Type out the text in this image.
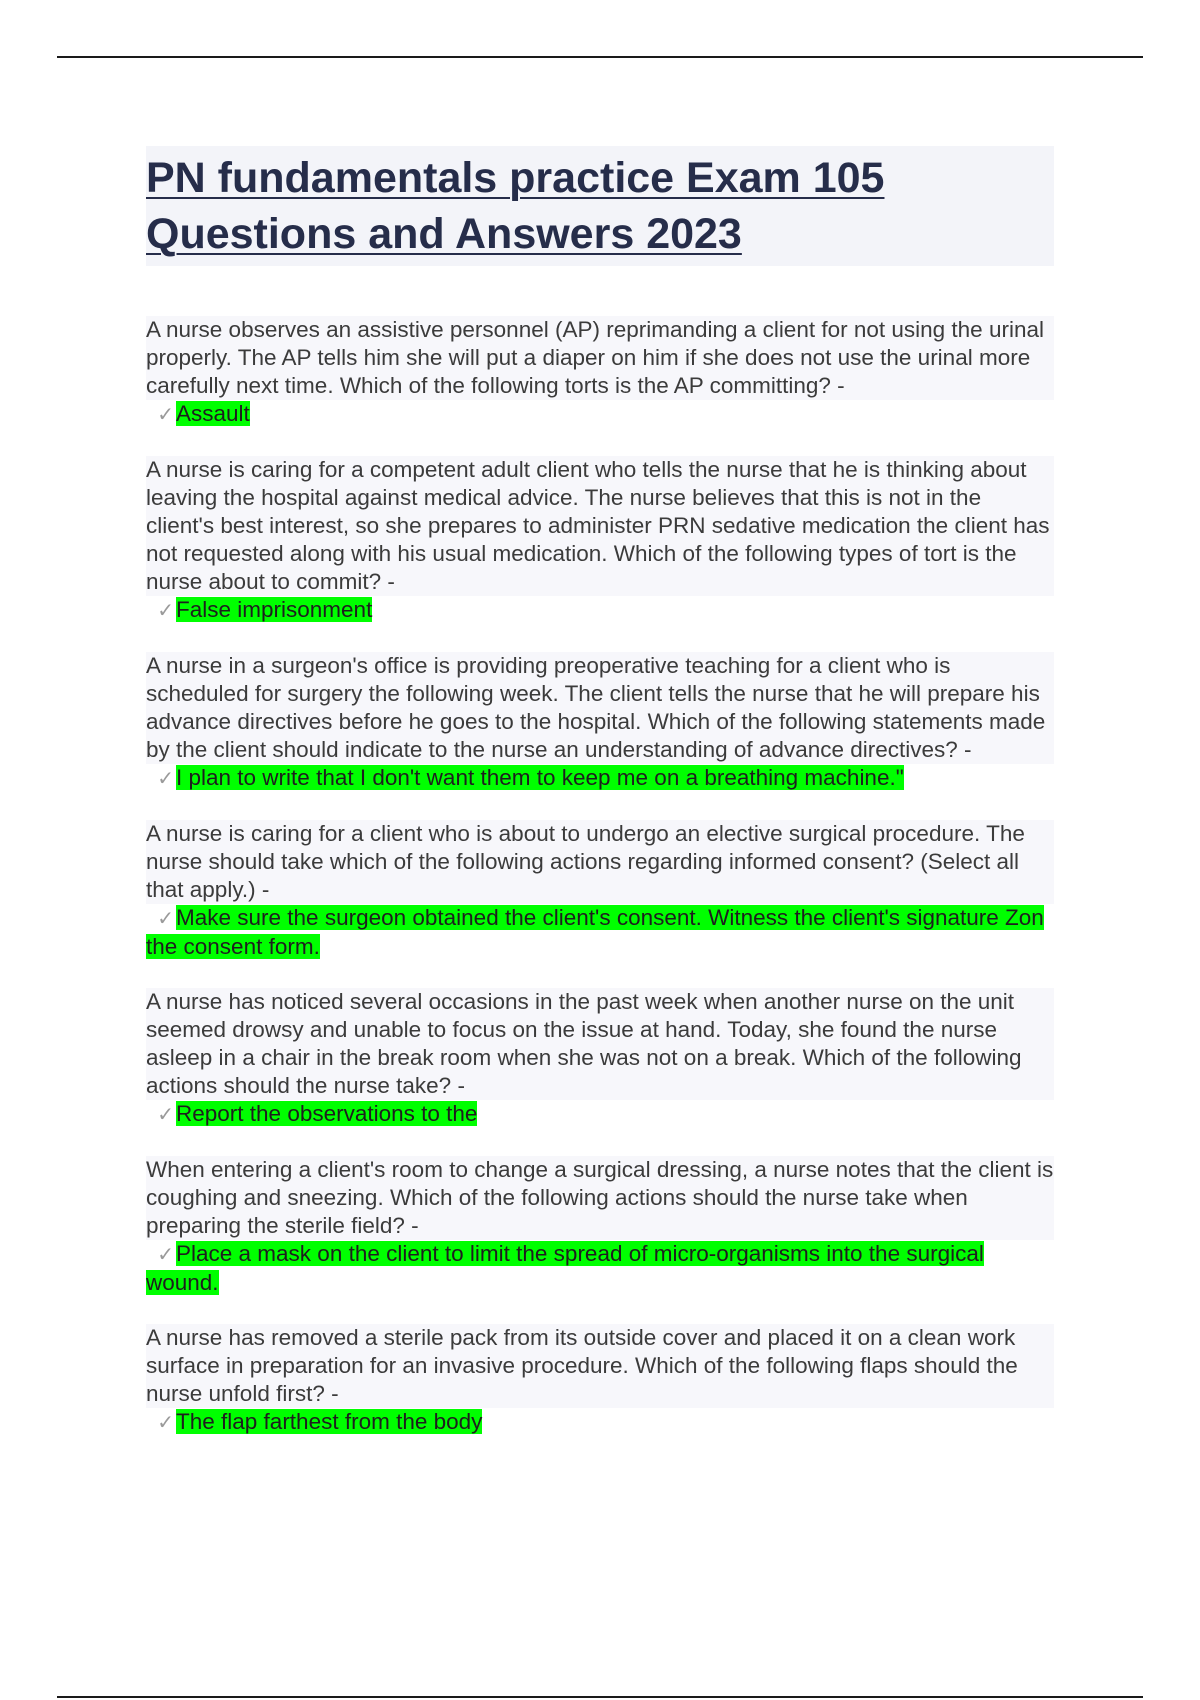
PN fundamentals practice Exam 105 Questions and Answers 2023

A nurse observes an assistive personnel (AP) reprimanding a client for not using the urinal properly. The AP tells him she will put a diaper on him if she does not use the urinal more carefully next time. Which of the following torts is the AP committing? -

✓Assault

A nurse is caring for a competent adult client who tells the nurse that he is thinking about leaving the hospital against medical advice. The nurse believes that this is not in the client's best interest, so she prepares to administer PRN sedative medication the client has not requested along with his usual medication. Which of the following types of tort is the nurse about to commit? -

✓False imprisonment

A nurse in a surgeon's office is providing preoperative teaching for a client who is scheduled for surgery the following week. The client tells the nurse that he will prepare his advance directives before he goes to the hospital. Which of the following statements made by the client should indicate to the nurse an understanding of advance directives? -

✓I plan to write that I don't want them to keep me on a breathing machine."

A nurse is caring for a client who is about to undergo an elective surgical procedure. The nurse should take which of the following actions regarding informed consent? (Select all that apply.) -

✓Make sure the surgeon obtained the client's consent. Witness the client's signature Zon the consent form.

A nurse has noticed several occasions in the past week when another nurse on the unit seemed drowsy and unable to focus on the issue at hand. Today, she found the nurse asleep in a chair in the break room when she was not on a break. Which of the following actions should the nurse take? -

✓Report the observations to the

When entering a client's room to change a surgical dressing, a nurse notes that the client is coughing and sneezing. Which of the following actions should the nurse take when preparing the sterile field? -

✓Place a mask on the client to limit the spread of micro-organisms into the surgical wound.

A nurse has removed a sterile pack from its outside cover and placed it on a clean work surface in preparation for an invasive procedure. Which of the following flaps should the nurse unfold first? -

✓The flap farthest from the body
